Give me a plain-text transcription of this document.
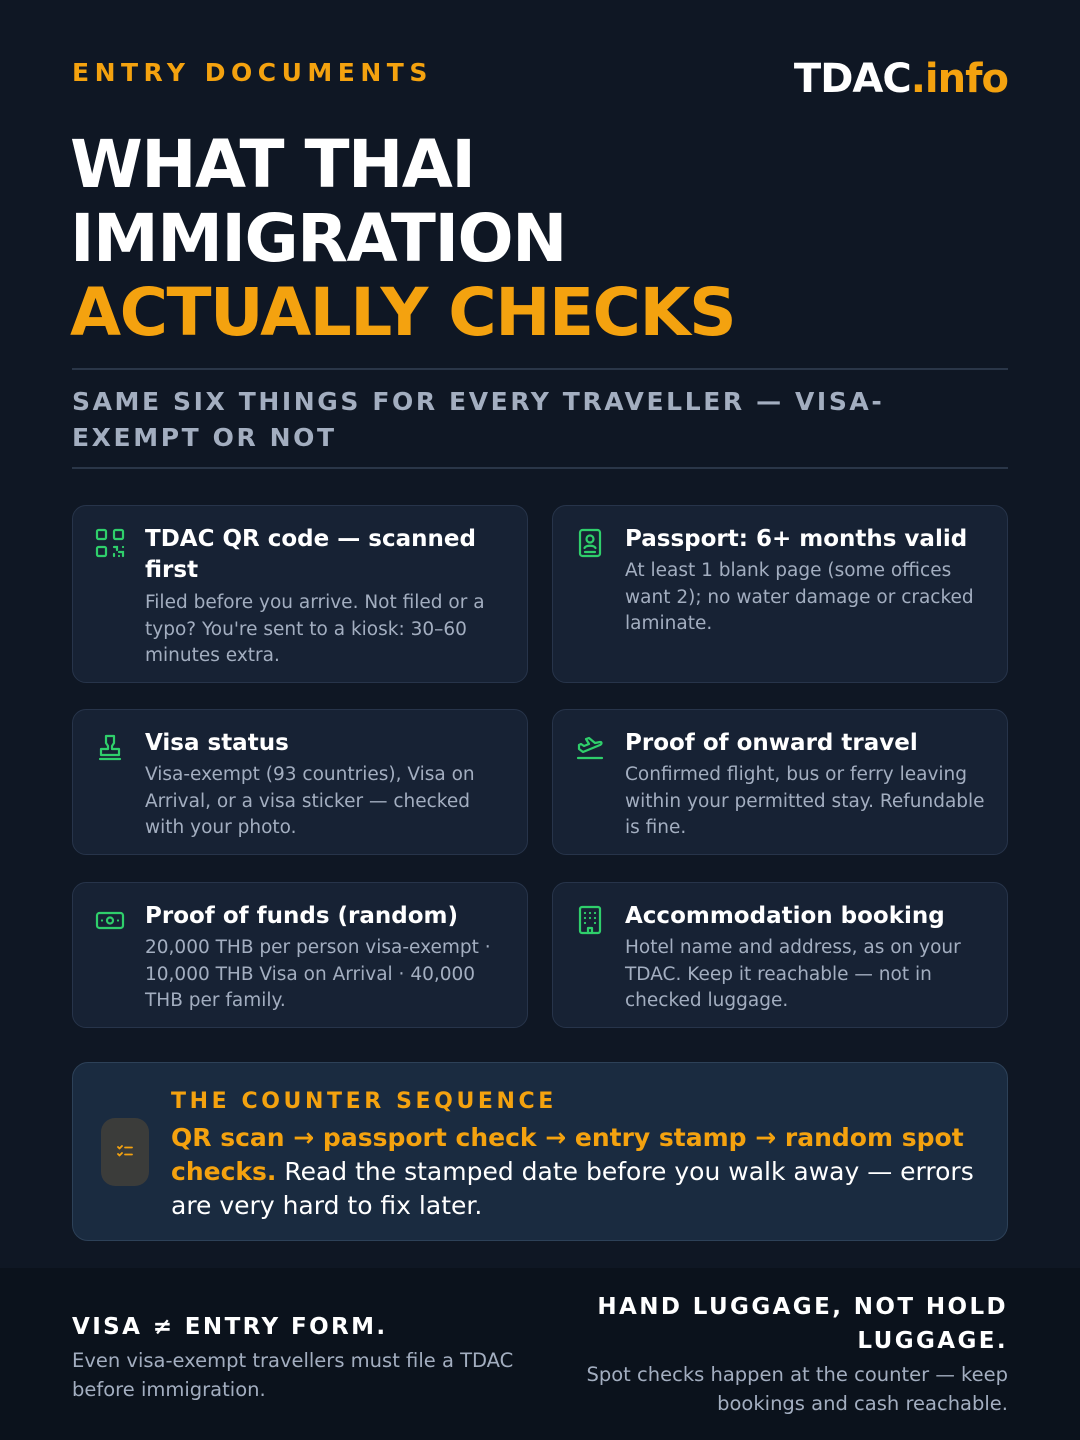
ENTRY DOCUMENTS	TDAC.info
WHAT THAI
IMMIGRATION
ACTUALLY CHECKS
SAME SIX THINGS FOR EVERY TRAVELLER — VISA-EXEMPT OR NOT
TDAC QR code — scanned first
Filed before you arrive. Not filed or a typo? You're sent to a kiosk: 30–60 minutes extra.
Passport: 6+ months valid
At least 1 blank page (some offices want 2); no water damage or cracked laminate.
Visa status
Visa-exempt (93 countries), Visa on Arrival, or a visa sticker — checked with your photo.
Proof of onward travel
Confirmed flight, bus or ferry leaving within your permitted stay. Refundable is fine.
Proof of funds (random)
20,000 THB per person visa-exempt · 10,000 THB Visa on Arrival · 40,000 THB per family.
Accommodation booking
Hotel name and address, as on your TDAC. Keep it reachable — not in checked luggage.
THE COUNTER SEQUENCE

QR scan → passport check → entry stamp → random spot checks. Read the stamped date before you walk away — errors are very hard to fix later.

VISA ≠ ENTRY FORM.
Even visa-exempt travellers must file a TDAC before immigration.
HAND LUGGAGE, NOT HOLD LUGGAGE.
Spot checks happen at the counter — keep bookings and cash reachable.
